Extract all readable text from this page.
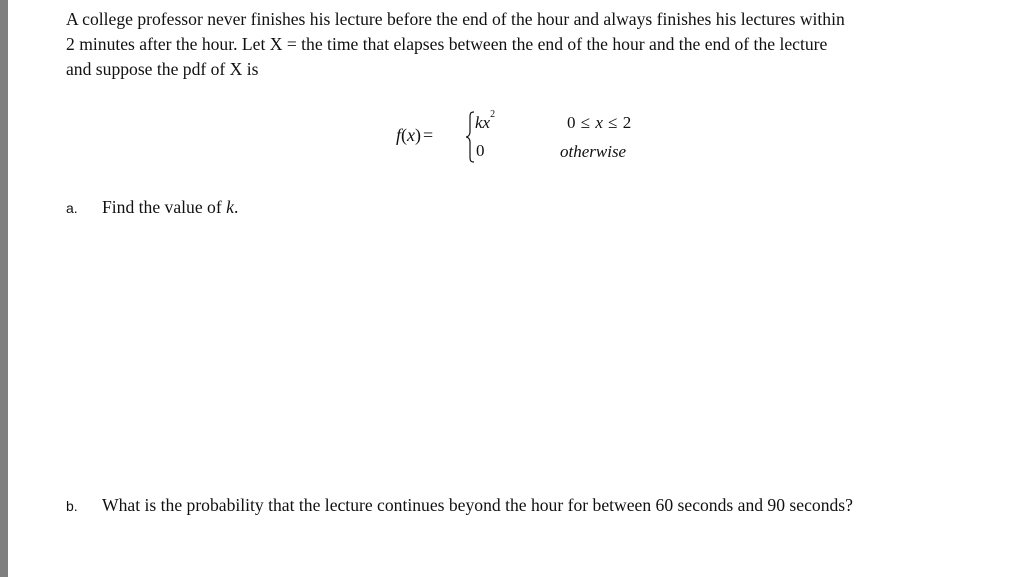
A college professor never finishes his lecture before the end of the hour and always finishes his lectures within

2 minutes after the hour. Let X = the time that elapses between the end of the hour and the end of the lecture

and suppose the pdf of X is

f(x) =
$kx^2$
0
0 ≤ x ≤ 2
otherwise
a. Find the value of k.
b. What is the probability that the lecture continues beyond the hour for between 60 seconds and 90 seconds?
